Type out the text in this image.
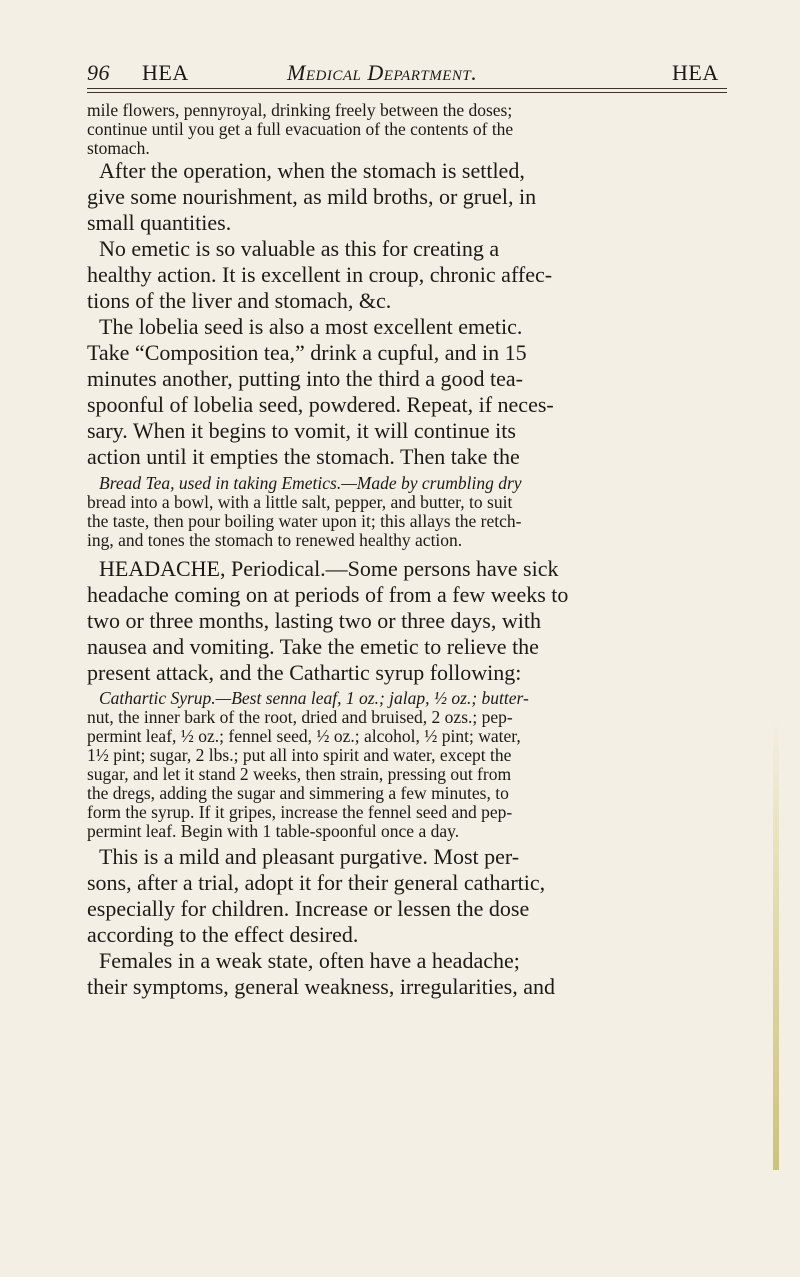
96 HEA	Medical Department.	HEA
mile flowers, pennyroyal, drinking freely between the doses;
continue until you get a full evacuation of the contents of the
stomach.
After the operation, when the stomach is settled,
give some nourishment, as mild broths, or gruel, in
small quantities.
No emetic is so valuable as this for creating a
healthy action. It is excellent in croup, chronic affec-
tions of the liver and stomach, &c.
The lobelia seed is also a most excellent emetic.
Take “Composition tea,” drink a cupful, and in 15
minutes another, putting into the third a good tea-
spoonful of lobelia seed, powdered. Repeat, if neces-
sary. When it begins to vomit, it will continue its
action until it empties the stomach. Then take the
Bread Tea, used in taking Emetics.—Made by crumbling dry
bread into a bowl, with a little salt, pepper, and butter, to suit
the taste, then pour boiling water upon it; this allays the retch-
ing, and tones the stomach to renewed healthy action.
HEADACHE, Periodical.—Some persons have sick
headache coming on at periods of from a few weeks to
two or three months, lasting two or three days, with
nausea and vomiting. Take the emetic to relieve the
present attack, and the Cathartic syrup following:
Cathartic Syrup.—Best senna leaf, 1 oz.; jalap, ½ oz.; butter-
nut, the inner bark of the root, dried and bruised, 2 ozs.; pep-
permint leaf, ½ oz.; fennel seed, ½ oz.; alcohol, ½ pint; water,
1½ pint; sugar, 2 lbs.; put all into spirit and water, except the
sugar, and let it stand 2 weeks, then strain, pressing out from
the dregs, adding the sugar and simmering a few minutes, to
form the syrup. If it gripes, increase the fennel seed and pep-
permint leaf. Begin with 1 table-spoonful once a day.
This is a mild and pleasant purgative. Most per-
sons, after a trial, adopt it for their general cathartic,
especially for children. Increase or lessen the dose
according to the effect desired.
Females in a weak state, often have a headache;
their symptoms, general weakness, irregularities, and
